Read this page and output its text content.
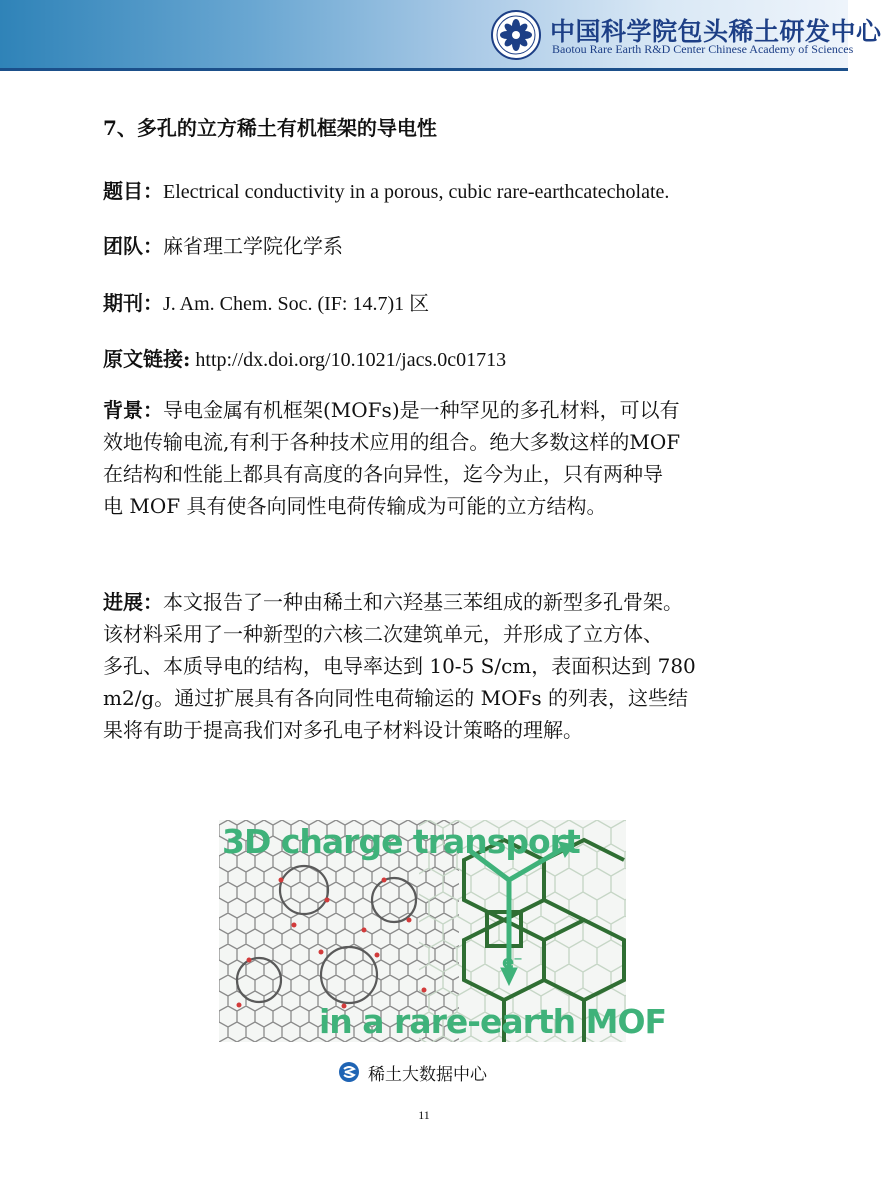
中国科学院包头稀土研发中心
Baotou Rare Earth R&D Center Chinese Academy of Sciences
7、多孔的立方稀土有机框架的导电性
题目：Electrical conductivity in a porous, cubic rare-earthcatecholate.
团队：麻省理工学院化学系
期刊：J. Am. Chem. Soc. (IF: 14.7)1 区
原文链接: http://dx.doi.org/10.1021/jacs.0c01713
背景：导电金属有机框架(MOFs)是一种罕见的多孔材料，可以有
效地传输电流,有利于各种技术应用的组合。绝大多数这样的MOF
在结构和性能上都具有高度的各向异性，迄今为止，只有两种导
电 MOF 具有使各向同性电荷传输成为可能的立方结构。
进展：本文报告了一种由稀土和六羟基三苯组成的新型多孔骨架。
该材料采用了一种新型的六核二次建筑单元，并形成了立方体、
多孔、本质导电的结构，电导率达到 10-5 S/cm，表面积达到 780
m2/g。通过扩展具有各向同性电荷输运的 MOFs 的列表，这些结
果将有助于提高我们对多孔电子材料设计策略的理解。
3D charge transport
e⁻
in a rare-earth MOF
稀土大数据中心
11
